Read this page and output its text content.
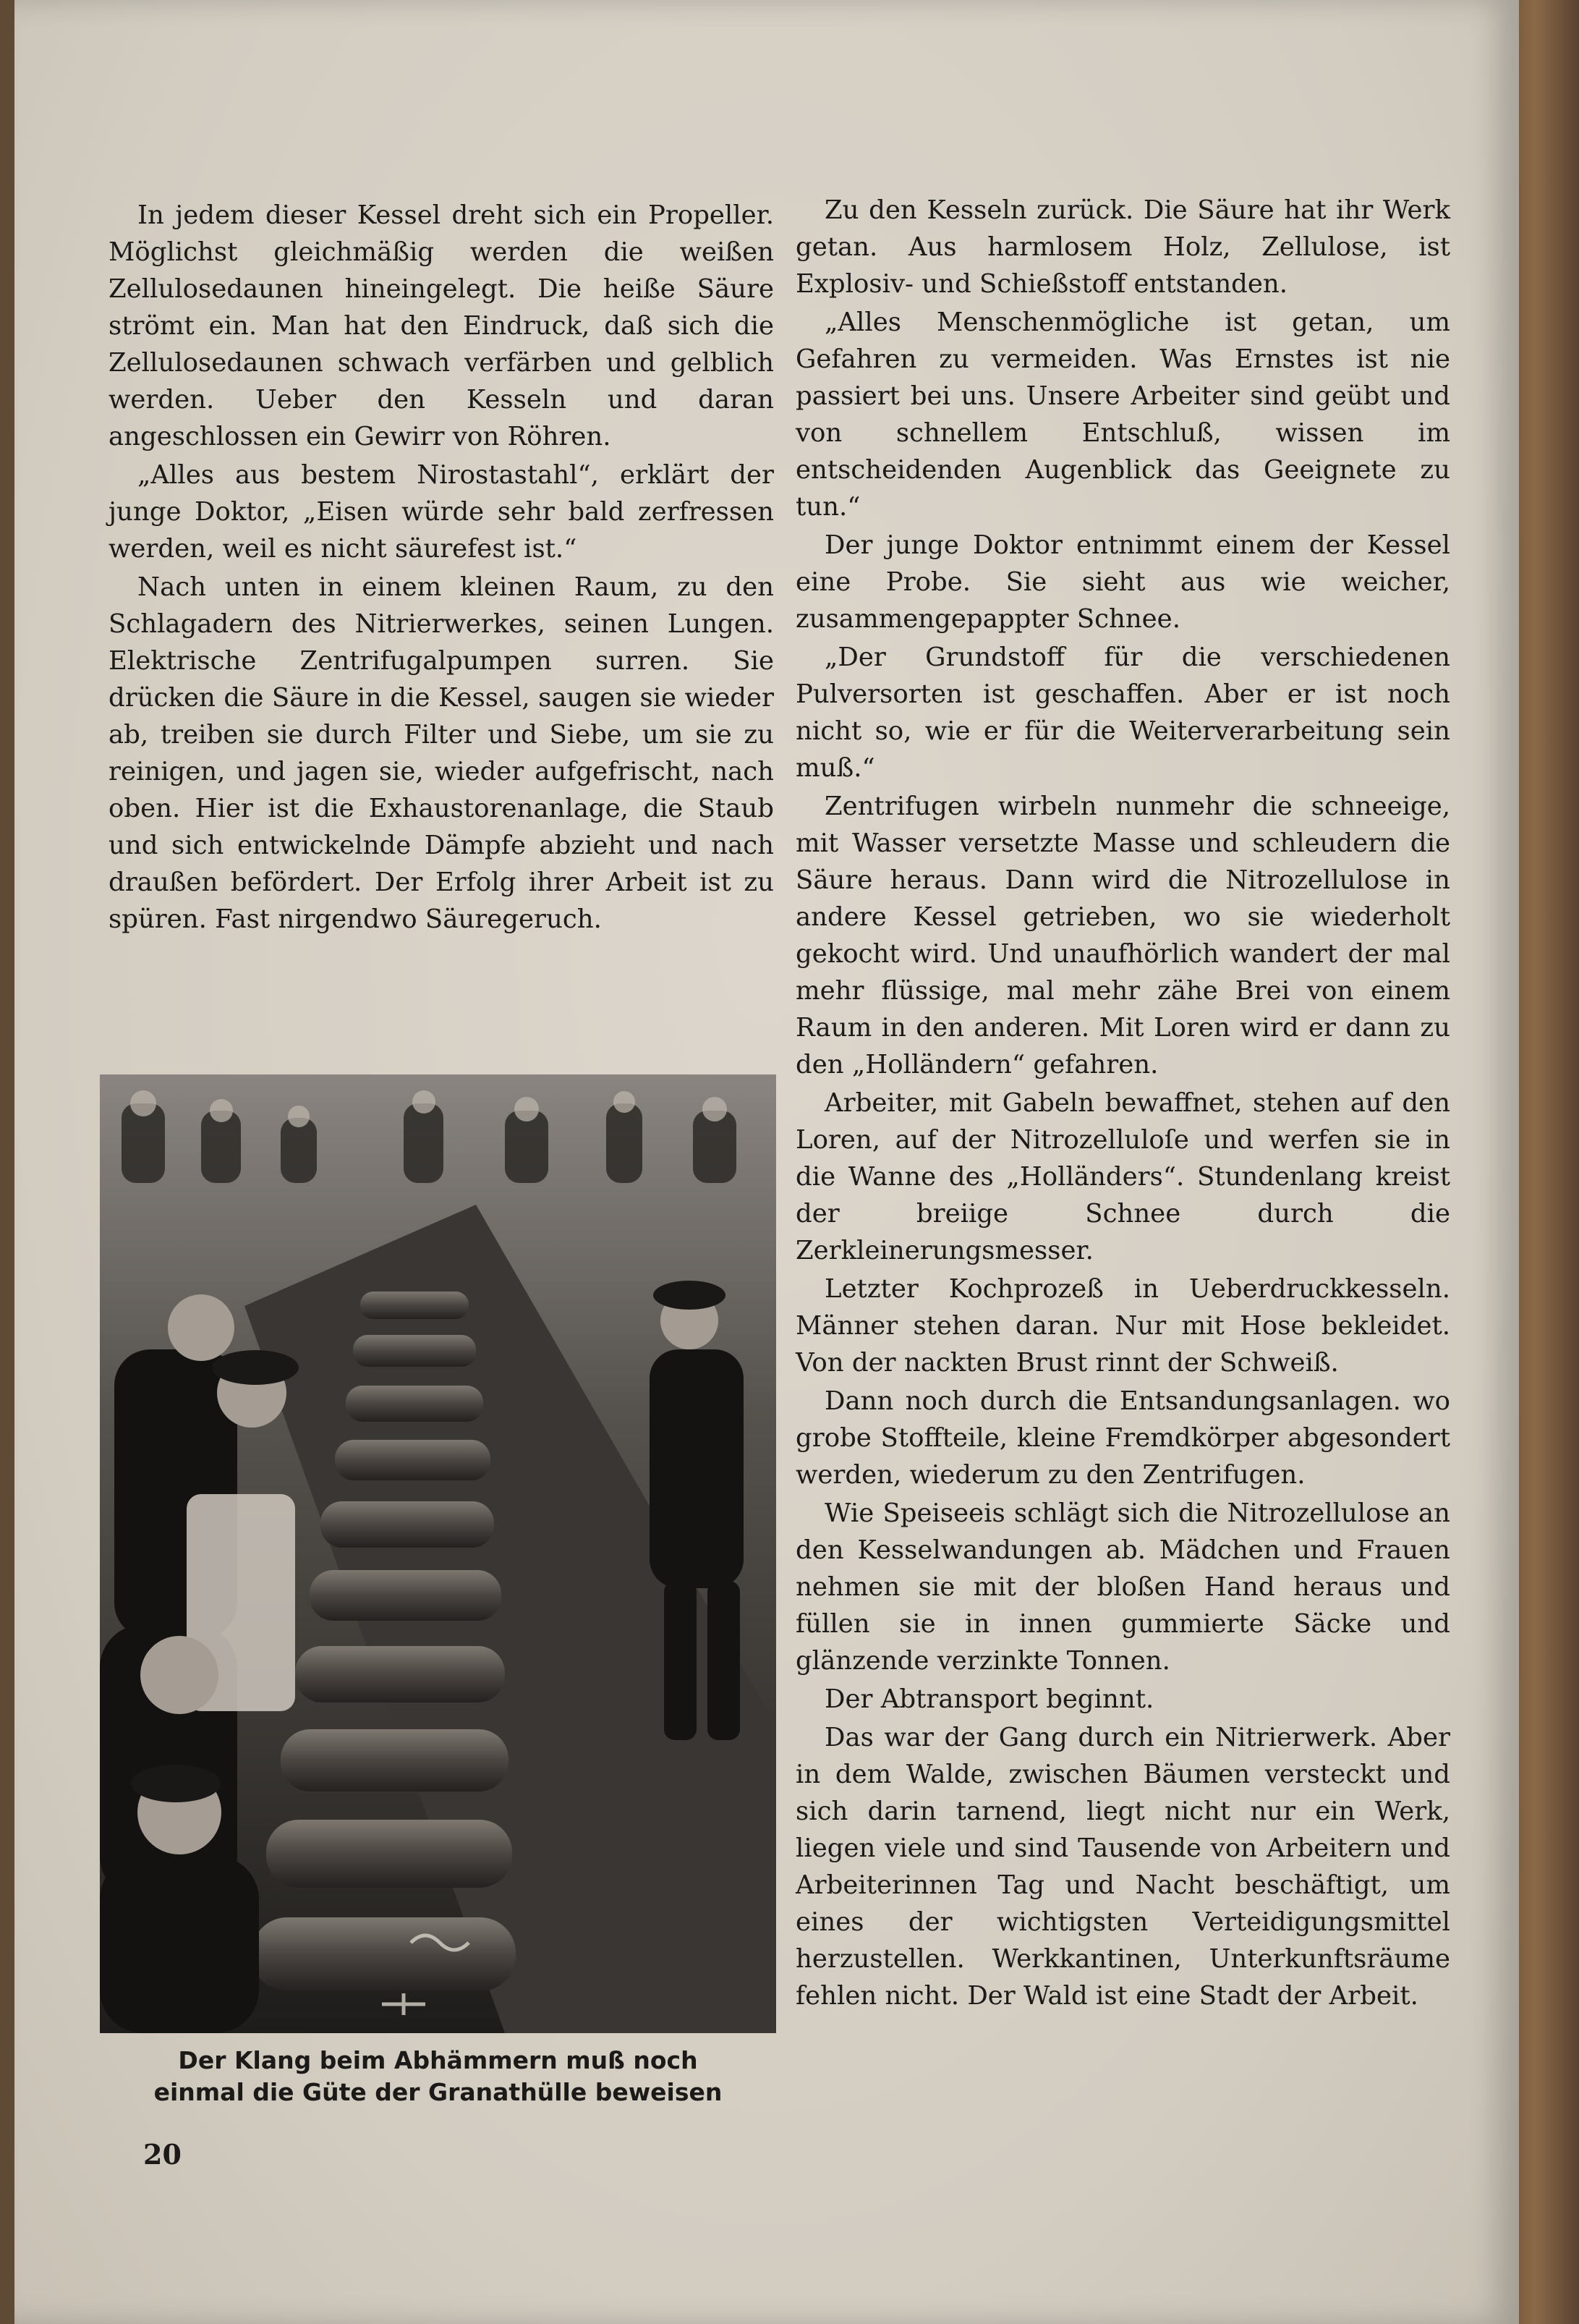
In jedem dieser Kessel dreht sich ein Propeller. Möglichst gleichmäßig werden die weißen Zellulosedaunen hineingelegt. Die heiße Säure strömt ein. Man hat den Eindruck, daß sich die Zellulosedaunen schwach verfärben und gelblich werden. Ueber den Kesseln und daran angeschlossen ein Gewirr von Röhren.

„Alles aus bestem Nirostastahl“, erklärt der junge Doktor, „Eisen würde sehr bald zerfressen werden, weil es nicht säurefest ist.“

Nach unten in einem kleinen Raum, zu den Schlagadern des Nitrierwerkes, seinen Lungen. Elektrische Zentrifugalpumpen surren. Sie drücken die Säure in die Kessel, saugen sie wieder ab, treiben sie durch Filter und Siebe, um sie zu reinigen, und jagen sie, wieder aufgefrischt, nach oben. Hier ist die Exhaustorenanlage, die Staub und sich entwickelnde Dämpfe abzieht und nach draußen befördert. Der Erfolg ihrer Arbeit ist zu spüren. Fast nirgendwo Säuregeruch.

Der Klang beim Abhämmern muß noch
einmal die Güte der Granathülle beweisen
20

Zu den Kesseln zurück. Die Säure hat ihr Werk getan. Aus harmlosem Holz, Zellulose, ist Explosiv- und Schießstoff entstanden.

„Alles Menschenmögliche ist getan, um Gefahren zu vermeiden. Was Ernstes ist nie passiert bei uns. Unsere Arbeiter sind geübt und von schnellem Entschluß, wissen im entscheidenden Augenblick das Geeignete zu tun.“

Der junge Doktor entnimmt einem der Kessel eine Probe. Sie sieht aus wie weicher, zusammengepappter Schnee.

„Der Grundstoff für die verschiedenen Pulversorten ist geschaffen. Aber er ist noch nicht so, wie er für die Weiterverarbeitung sein muß.“

Zentrifugen wirbeln nunmehr die schneeige, mit Wasser versetzte Masse und schleudern die Säure heraus. Dann wird die Nitrozellulose in andere Kessel getrieben, wo sie wiederholt gekocht wird. Und unaufhörlich wandert der mal mehr flüssige, mal mehr zähe Brei von einem Raum in den anderen. Mit Loren wird er dann zu den „Holländern“ gefahren.

Arbeiter, mit Gabeln bewaffnet, stehen auf den Loren, auf der Nitrozelluloſe und werfen sie in die Wanne des „Holländers“. Stundenlang kreist der breiige Schnee durch die Zerkleinerungsmesser.

Letzter Kochprozeß in Ueberdruckkesseln. Männer stehen daran. Nur mit Hose bekleidet. Von der nackten Brust rinnt der Schweiß.

Dann noch durch die Entsandungsanlagen. wo grobe Stoffteile, kleine Fremdkörper abgesondert werden, wiederum zu den Zentrifugen.

Wie Speiseeis schlägt sich die Nitrozellulose an den Kesselwandungen ab. Mädchen und Frauen nehmen sie mit der bloßen Hand heraus und füllen sie in innen gummierte Säcke und glänzende verzinkte Tonnen.

Der Abtransport beginnt.

Das war der Gang durch ein Nitrierwerk. Aber in dem Walde, zwischen Bäumen versteckt und sich darin tarnend, liegt nicht nur ein Werk, liegen viele und sind Tausende von Arbeitern und Arbeiterinnen Tag und Nacht beschäftigt, um eines der wichtigsten Verteidigungsmittel herzustellen. Werkkantinen, Unterkunftsräume fehlen nicht. Der Wald ist eine Stadt der Arbeit.
